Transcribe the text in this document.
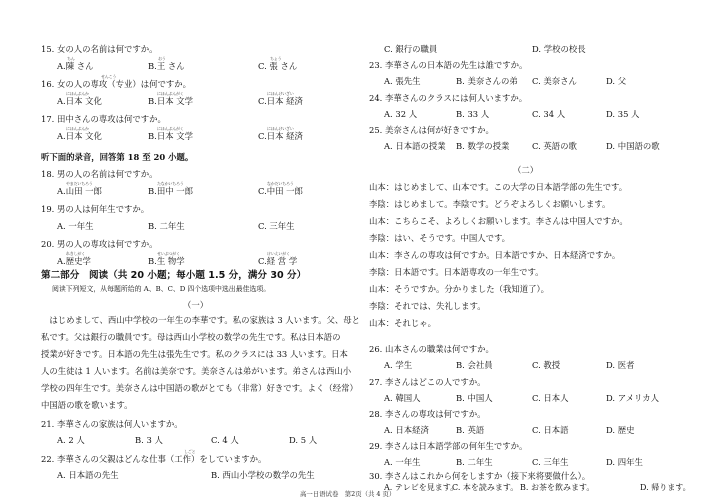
15. 女の人の名前は何ですか。
ちん
A.陳 さん
おう
B.王 さん
ちょう
C. 張 さん
せんこう
16. 女の人の専攻（专业）は何ですか。
にほんぶんか
A.日本 文化
にほんぶんがく
B.日本 文学
にほんけいざい
C.日本 経済
17. 田中さんの専攻は何ですか。
にほんぶんか
A.日本 文化
にほんぶんがく
B.日本 文学
にほんけいざい
C.日本 経済
听下面的录音，回答第 18 至 20 小题。
18. 男の人の名前は何ですか。
やまだいちろう
A.山田 一郎
たなかいちろう
B.田中 一郎
なかだいちろう
C.中田 一郎
19. 男の人は何年生ですか。
A. 一年生	B. 二年生	C. 三年生
20. 男の人の専攻は何ですか。
れきしがく
A.歴史学
せいぶつがく
B.生 物学
けいえいがく
C.経 営 学
第二部分　阅读（共 20 小题；每小题 1.5 分，满分 30 分）
阅读下列短文，从每题所给的 A、B、C、D 四个选项中选出最佳选项。
（一）
　はじめまして、西山中学校の一年生の李華です。私の家族は 3 人います。父、母と
私です。父は銀行の職員です。母は西山小学校の数学の先生です。私は日本語の
授業が好きです。日本語の先生は張先生です。私のクラスには 33 人います。日本
人の生徒は 1 人います。名前は美奈です。美奈さんは弟がいます。弟さんは西山小
学校の四年生です。美奈さんは中国語の歌がとても（非常）好きです。よく（经常）
中国語の歌を歌います。
21. 李華さんの家族は何人いますか。
A. 2 人	B. 3 人	C. 4 人	D. 5 人
しごと
22. 李華さんの父親はどんな仕事（工作）をしていますか。
A. 日本語の先生	B. 西山小学校の数学の先生
C. 銀行の職員	D. 学校の校長
23. 李華さんの日本語の先生は誰ですか。
A. 張先生	B. 美奈さんの弟 C. 美奈さん	D. 父
24. 李華さんのクラスには何人いますか。
A. 32 人	B. 33 人	C. 34 人	D. 35 人
25. 美奈さんは何が好きですか。
A. 日本語の授業 B. 数学の授業	C. 英語の歌	D. 中国語の歌
（二）
山本：はじめまして、山本です。この大学の日本語学部の先生です。
李陰：はじめまして。李陰です。どうぞよろしくお願いします。
山本：こちらこそ、よろしくお願いします。李さんは中国人ですか。
李陰：はい、そうです。中国人です。
山本：李さんの専攻は何ですか。日本語ですか、日本経済ですか。
李陰：日本語です。日本語専攻の一年生です。
山本：そうですか。分かりました（我知道了）。
李陰：それでは、失礼します。
山本：それじゃ。
26. 山本さんの職業は何ですか。
A. 学生	B. 会社員	C. 教授	D. 医者
27. 李さんはどこの人ですか。
A. 韓国人	B. 中国人	C. 日本人	D. アメリカ人
28. 李さんの専攻は何ですか。
A. 日本経済	B. 英語	C. 日本語	D. 歴史
29. 李さんは日本語学部の何年生ですか。
A. 一年生	B. 二年生	C. 三年生	D. 四年生
30. 李さんはこれから何をしますか（接下来将要做什么）。
A. テレビを見ます。	B. お茶を飲みます。
高一日语试卷　第2页（共 4 页）
C. 本を読みます。	D. 帰ります。
